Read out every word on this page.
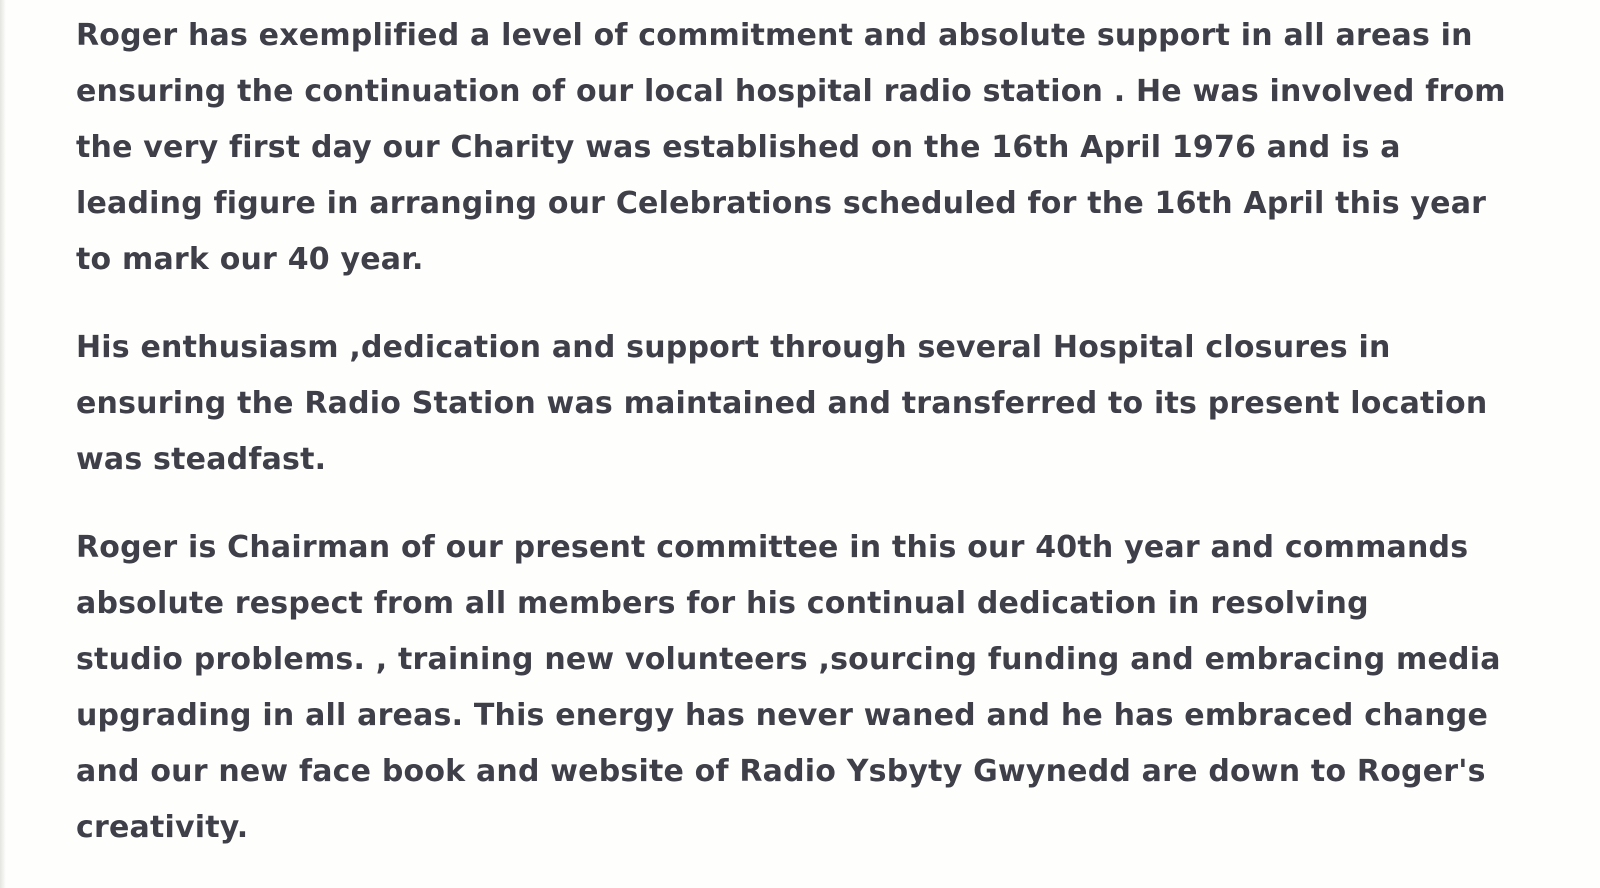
Roger has exemplified a level of commitment and absolute support in all areas in
ensuring the continuation of our local hospital radio station . He was involved from
the very first day our Charity was established on the 16th April 1976 and is a
leading figure in arranging our Celebrations scheduled for the 16th April this year
to mark our 40 year.
His enthusiasm ,dedication and support through several Hospital closures in
ensuring the Radio Station was maintained and transferred to its present location
was steadfast.
Roger is Chairman of our present committee in this our 40th year and commands
absolute respect from all members for his continual dedication in resolving
studio problems. , training new volunteers ,sourcing funding and embracing media
upgrading in all areas. This energy has never waned and he has embraced change
and our new face book and website of Radio Ysbyty Gwynedd are down to Roger's
creativity.
